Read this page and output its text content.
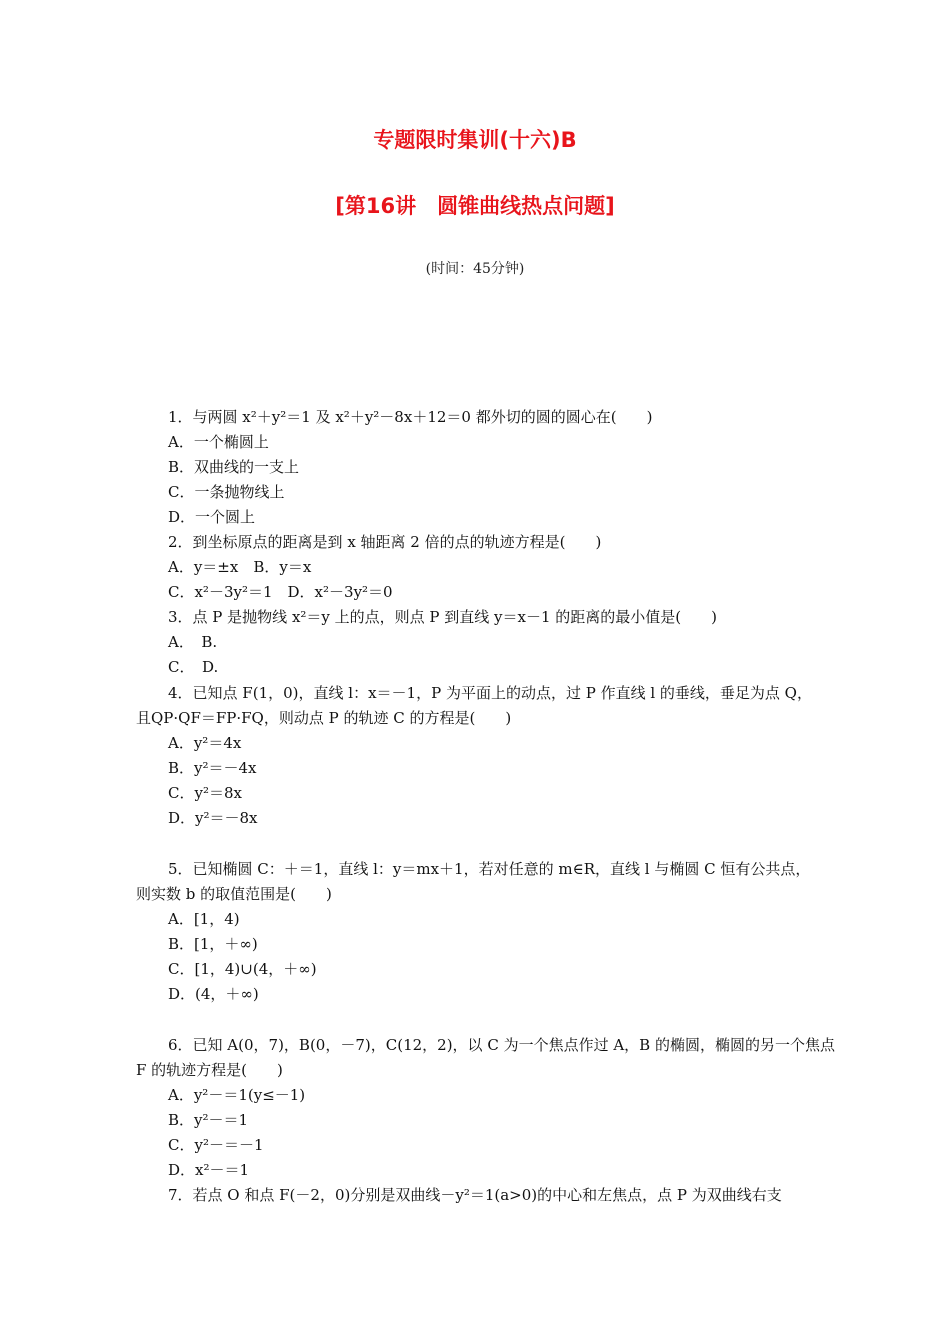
专题限时集训(十六)B
[第16讲　圆锥曲线热点问题]
(时间：45分钟)
1．与两圆 x²＋y²＝1 及 x²＋y²－8x＋12＝0 都外切的圆的圆心在(　　)
A．一个椭圆上
B．双曲线的一支上
C．一条抛物线上
D．一个圆上
2．到坐标原点的距离是到 x 轴距离 2 倍的点的轨迹方程是(　　)
A．y＝±x　B．y＝x
C．x²－3y²＝1　D．x²－3y²＝0
3．点 P 是抛物线 x²＝y 上的点，则点 P 到直线 y＝x－1 的距离的最小值是(　　)
A．　B.
C．　D.
4．已知点 F(1，0)，直线 l：x＝－1，P 为平面上的动点，过 P 作直线 l 的垂线，垂足为点 Q，
且QP·QF＝FP·FQ，则动点 P 的轨迹 C 的方程是(　　)
A．y²＝4x
B．y²＝－4x
C．y²＝8x
D．y²＝－8x
5．已知椭圆 C：＋＝1，直线 l：y＝mx＋1，若对任意的 m∈R，直线 l 与椭圆 C 恒有公共点，
则实数 b 的取值范围是(　　)
A．[1，4)
B．[1，＋∞)
C．[1，4)∪(4，＋∞)
D．(4，＋∞)
6．已知 A(0，7)，B(0，－7)，C(12，2)，以 C 为一个焦点作过 A，B 的椭圆，椭圆的另一个焦点
F 的轨迹方程是(　　)
A．y²－＝1(y≤－1)
B．y²－＝1
C．y²－＝－1
D．x²－＝1
7．若点 O 和点 F(－2，0)分别是双曲线－y²＝1(a>0)的中心和左焦点，点 P 为双曲线右支
